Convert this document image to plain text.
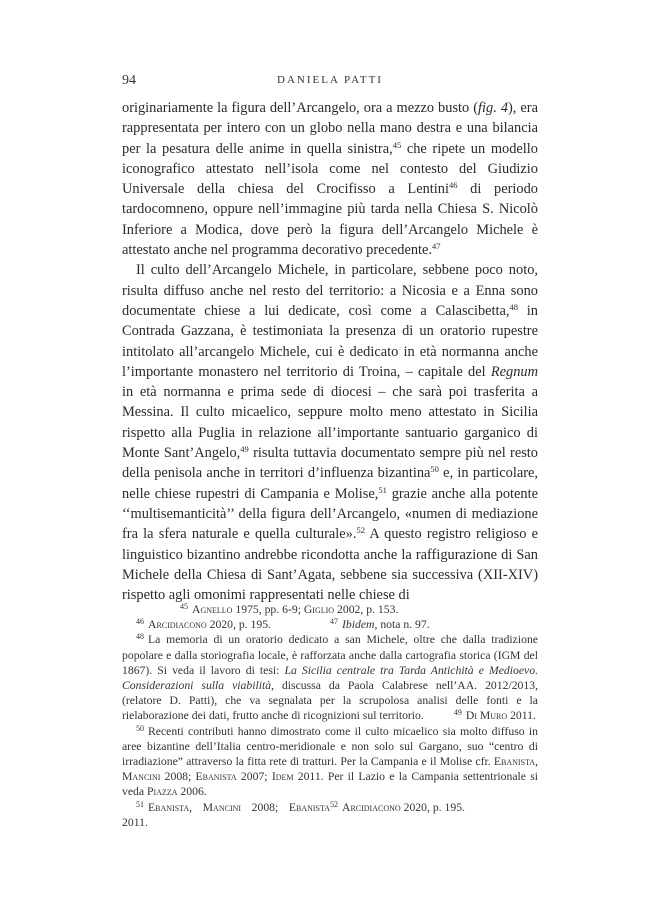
94	DANIELA PATTI

originariamente la figura dell’Arcangelo, ora a mezzo busto (fig. 4), era rappresentata per intero con un globo nella mano destra e una bilancia per la pesatura delle anime in quella sinistra,$^{45}$ che ripete un modello iconografico attestato nell’isola come nel contesto del Giudizio Universale della chiesa del Crocifisso a Lentini$^{46}$ di periodo tardocomneno, oppure nell’immagine più tarda nella Chiesa S. Nicolò Inferiore a Modica, dove però la figura dell’Arcangelo Michele è attestato anche nel programma decorativo precedente.$^{47}$

Il culto dell’Arcangelo Michele, in particolare, sebbene poco noto, risulta diffuso anche nel resto del territorio: a Nicosia e a Enna sono documentate chiese a lui dedicate, così come a Calascibetta,$^{48}$ in Contrada Gazzana, è testimoniata la presenza di un oratorio rupestre intitolato all’arcangelo Michele, cui è dedicato in età normanna anche l’importante monastero nel territorio di Troina, – capitale del Regnum in età normanna e prima sede di diocesi – che sarà poi trasferita a Messina. Il culto micaelico, seppure molto meno attestato in Sicilia rispetto alla Puglia in relazione all’importante santuario garganico di Monte Sant’Angelo,$^{49}$ risulta tuttavia documentato sempre più nel resto della penisola anche in territori d’influenza bizantina$^{50}$ e, in particolare, nelle chiese rupestri di Campania e Molise,$^{51}$ grazie anche alla potente ‘‘multisemanticità’’ della figura dell’Arcangelo, «numen di mediazione fra la sfera naturale e quella culturale».$^{52}$ A questo registro religioso e linguistico bizantino andrebbe ricondotta anche la raffigurazione di San Michele della Chiesa di Sant’Agata, sebbene sia successiva (XII-XIV) rispetto agli omonimi rappresentati nelle chiese di

$^{45}$ Agnello 1975, pp. 6-9; Giglio 2002, p. 153.

$^{46}$ Arcidiacono 2020, p. 195.	$^{47}$ Ibidem, nota n. 97.

$^{48}$ La memoria di un oratorio dedicato a san Michele, oltre che dalla tradizione popolare e dalla storiografia locale, è rafforzata anche dalla cartografia storica (IGM del 1867). Si veda il lavoro di tesi: La Sicilia centrale tra Tarda Antichità e Medioevo. Considerazioni sulla viabilità, discussa da Paola Calabrese nell’AA. 2012/2013, (relatore D. Patti), che va segnalata per la scrupolosa analisi delle fonti e la rielaborazione dei dati, frutto anche di ricognizioni sul territorio.	$^{49}$ Di Muro 2011.

$^{50}$ Recenti contributi hanno dimostrato come il culto micaelico sia molto diffuso in aree bizantine dell’Italia centro-meridionale e non solo sul Gargano, suo “centro di irradiazione” attraverso la fitta rete di tratturi. Per la Campania e il Molise cfr. Ebanista, Mancini 2008; Ebanista 2007; Idem 2011. Per il Lazio e la Campania settentrionale si veda Piazza 2006.

$^{51}$ Ebanista, Mancini 2008; Ebanista 2011.
$^{52}$ Arcidiacono 2020, p. 195.
